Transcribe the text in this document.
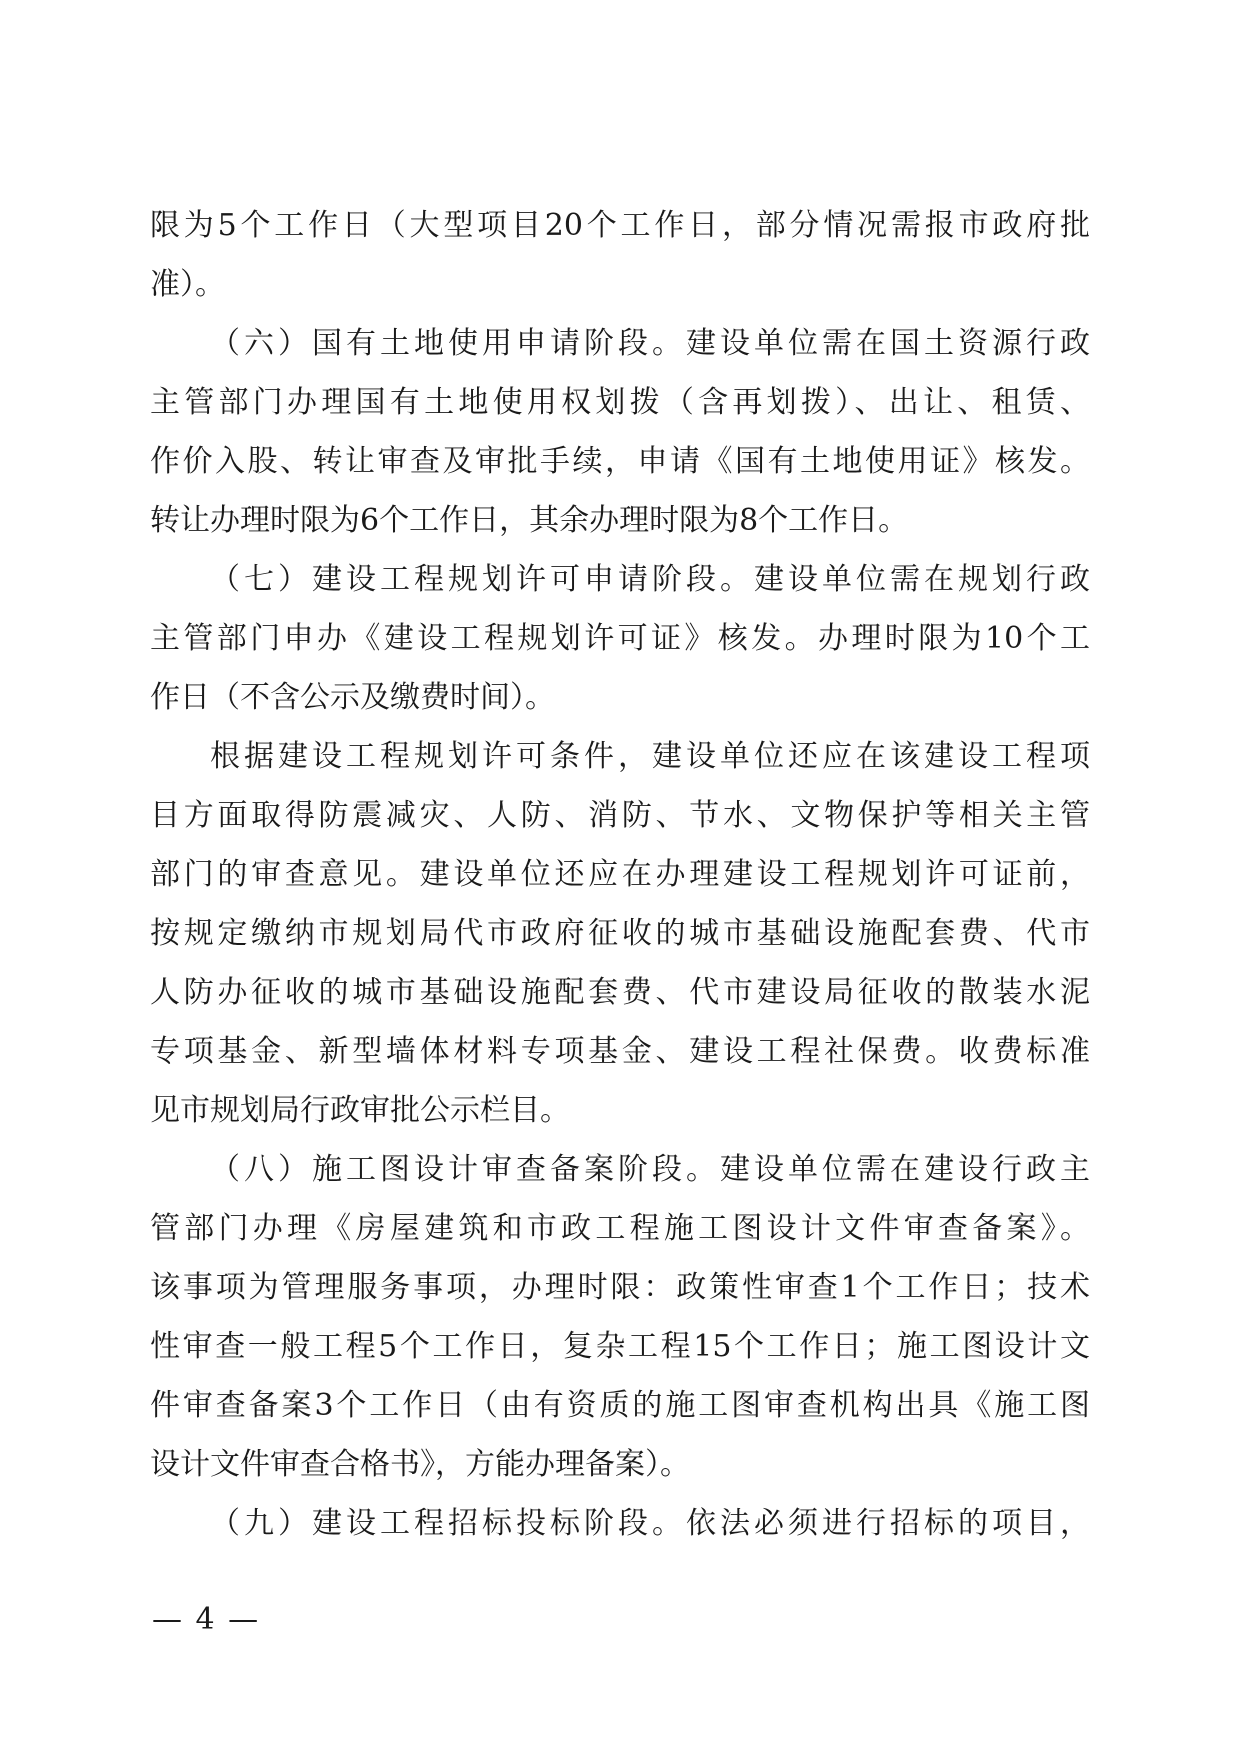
限为5个工作日（大型项目20个工作日，部分情况需报市政府批
准）。
（六）国有土地使用申请阶段。建设单位需在国土资源行政
主管部门办理国有土地使用权划拨（含再划拨）、出让、租赁、
作价入股、转让审查及审批手续，申请《国有土地使用证》核发。
转让办理时限为6个工作日，其余办理时限为8个工作日。
（七）建设工程规划许可申请阶段。建设单位需在规划行政
主管部门申办《建设工程规划许可证》核发。办理时限为10个工
作日（不含公示及缴费时间）。
根据建设工程规划许可条件，建设单位还应在该建设工程项
目方面取得防震减灾、人防、消防、节水、文物保护等相关主管
部门的审查意见。建设单位还应在办理建设工程规划许可证前，
按规定缴纳市规划局代市政府征收的城市基础设施配套费、代市
人防办征收的城市基础设施配套费、代市建设局征收的散装水泥
专项基金、新型墙体材料专项基金、建设工程社保费。收费标准
见市规划局行政审批公示栏目。
（八）施工图设计审查备案阶段。建设单位需在建设行政主
管部门办理《房屋建筑和市政工程施工图设计文件审查备案》。
该事项为管理服务事项，办理时限：政策性审查1个工作日；技术
性审查一般工程5个工作日，复杂工程15个工作日；施工图设计文
件审查备案3个工作日（由有资质的施工图审查机构出具《施工图
设计文件审查合格书》，方能办理备案）。
（九）建设工程招标投标阶段。依法必须进行招标的项目，
— 4 —
